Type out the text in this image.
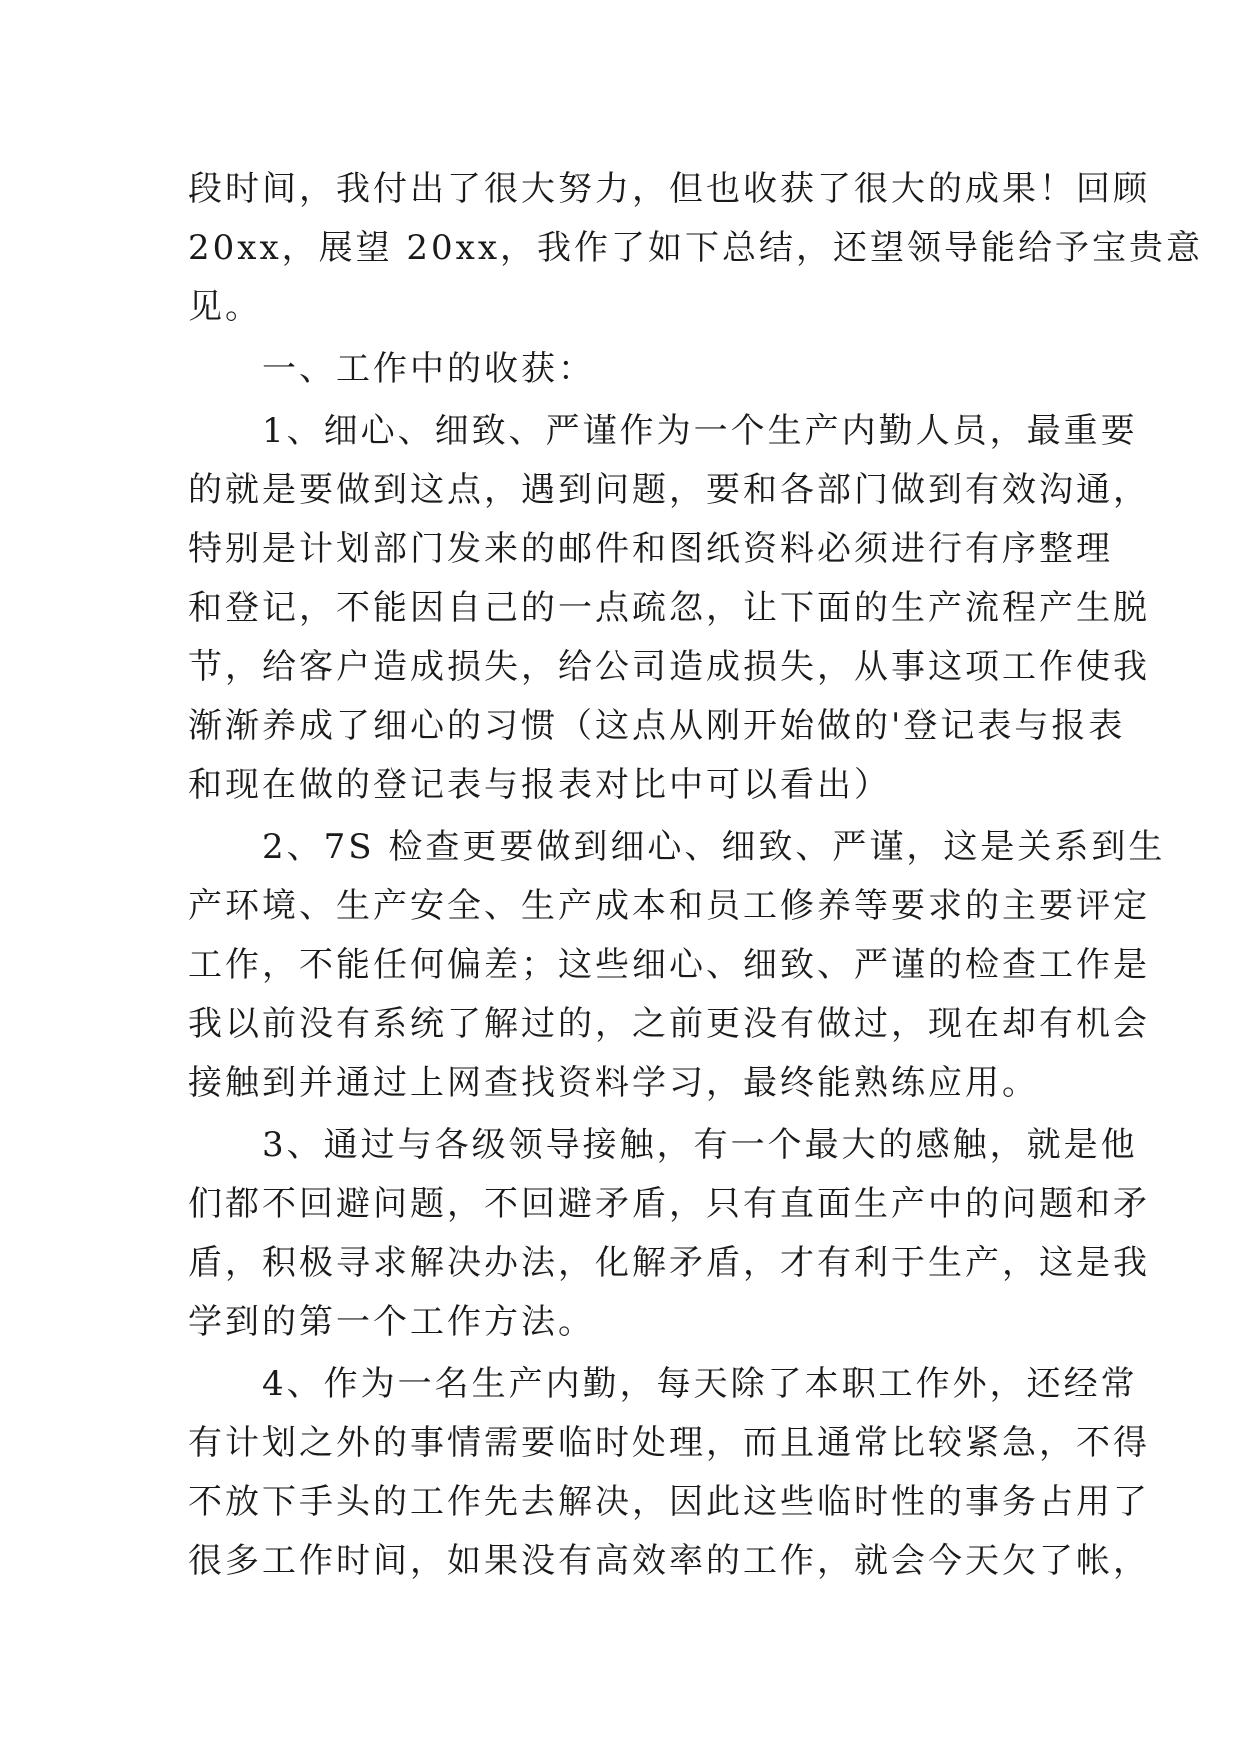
段时间，我付出了很大努力，但也收获了很大的成果！回顾
20xx，展望 20xx，我作了如下总结，还望领导能给予宝贵意
见。
　　一、工作中的收获：
　　1、细心、细致、严谨作为一个生产内勤人员，最重要
的就是要做到这点，遇到问题，要和各部门做到有效沟通，
特别是计划部门发来的邮件和图纸资料必须进行有序整理
和登记，不能因自己的一点疏忽，让下面的生产流程产生脱
节，给客户造成损失，给公司造成损失，从事这项工作使我
渐渐养成了细心的习惯（这点从刚开始做的'登记表与报表
和现在做的登记表与报表对比中可以看出）
　　2、7S 检查更要做到细心、细致、严谨，这是关系到生
产环境、生产安全、生产成本和员工修养等要求的主要评定
工作，不能任何偏差；这些细心、细致、严谨的检查工作是
我以前没有系统了解过的，之前更没有做过，现在却有机会
接触到并通过上网查找资料学习，最终能熟练应用。
　　3、通过与各级领导接触，有一个最大的感触，就是他
们都不回避问题，不回避矛盾，只有直面生产中的问题和矛
盾，积极寻求解决办法，化解矛盾，才有利于生产，这是我
学到的第一个工作方法。
　　4、作为一名生产内勤，每天除了本职工作外，还经常
有计划之外的事情需要临时处理，而且通常比较紧急，不得
不放下手头的工作先去解决，因此这些临时性的事务占用了
很多工作时间，如果没有高效率的工作，就会今天欠了帐，
